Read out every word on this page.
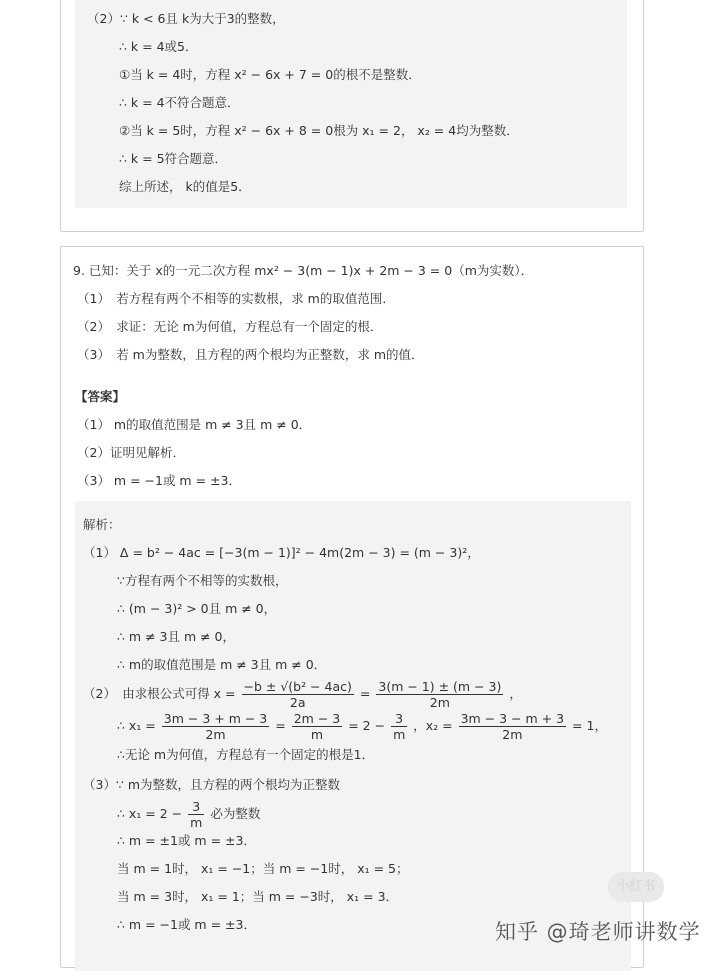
（2）∵ k < 6且 k为大于3的整数，
∴ k = 4或5．
①当 k = 4时，方程 x² − 6x + 7 = 0的根不是整数．
∴ k = 4不符合题意．
②当 k = 5时，方程 x² − 6x + 8 = 0根为 x₁ = 2， x₂ = 4均为整数．
∴ k = 5符合题意．
综上所述， k的值是5．
9. 已知：关于 x的一元二次方程 mx² − 3(m − 1)x + 2m − 3 = 0（m为实数）．
（1）　若方程有两个不相等的实数根，求 m的取值范围．
（2）　求证：无论 m为何值，方程总有一个固定的根．
（3）　若 m为整数，且方程的两个根均为正整数，求 m的值．
【答案】
（1） m的取值范围是 m ≠ 3且 m ≠ 0．
（2）证明见解析．
（3） m = −1或 m = ±3．
解析：
（1） Δ = b² − 4ac = [−3(m − 1)]² − 4m(2m − 3) = (m − 3)²，
∵方程有两个不相等的实数根，
∴ (m − 3)² > 0且 m ≠ 0，
∴ m ≠ 3且 m ≠ 0，
∴ m的取值范围是 m ≠ 3且 m ≠ 0．
（2）　由求根公式可得 $x = \frac{\text{−b ± √(b² − 4ac)}}{2a} = \frac{3(m - 1) \pm (m - 3)}{2m}$ ，
∴ $x_1 = \frac{3m - 3 + m - 3}{2m} = \frac{2m - 3}{m} = 2 - \frac{3}{m}$ ，$x_2 = \frac{3m - 3 - m + 3}{2m} = 1$，
∴无论 m为何值，方程总有一个固定的根是1．
（3）∵ m为整数，且方程的两个根均为正整数
∴ $x_1 = 2 - \frac{3}{m}$ 必为整数
∴ m = ±1或 m = ±3．
当 m = 1时， x₁ = −1；当 m = −1时， x₁ = 5；
当 m = 3时， x₁ = 1；当 m = −3时， x₁ = 3．
∴ m = −1或 m = ±3．
小红书
知乎 @琦老师讲数学
